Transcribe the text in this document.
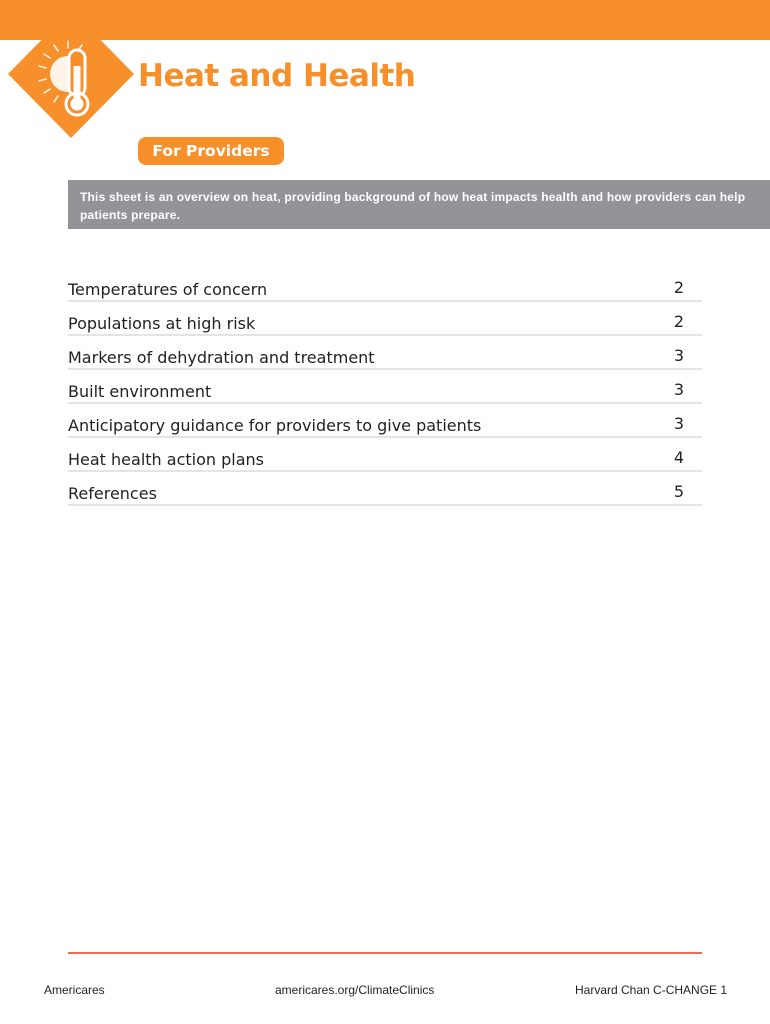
Heat and Health
For Providers
This sheet is an overview on heat, providing background of how heat impacts health and how providers can help patients prepare.
Temperatures of concern	2
Populations at high risk	2
Markers of dehydration and treatment	3
Built environment	3
Anticipatory guidance for providers to give patients	3
Heat health action plans	4
References	5
Americares	americares.org/ClimateClinics	Harvard Chan C-CHANGE 1
